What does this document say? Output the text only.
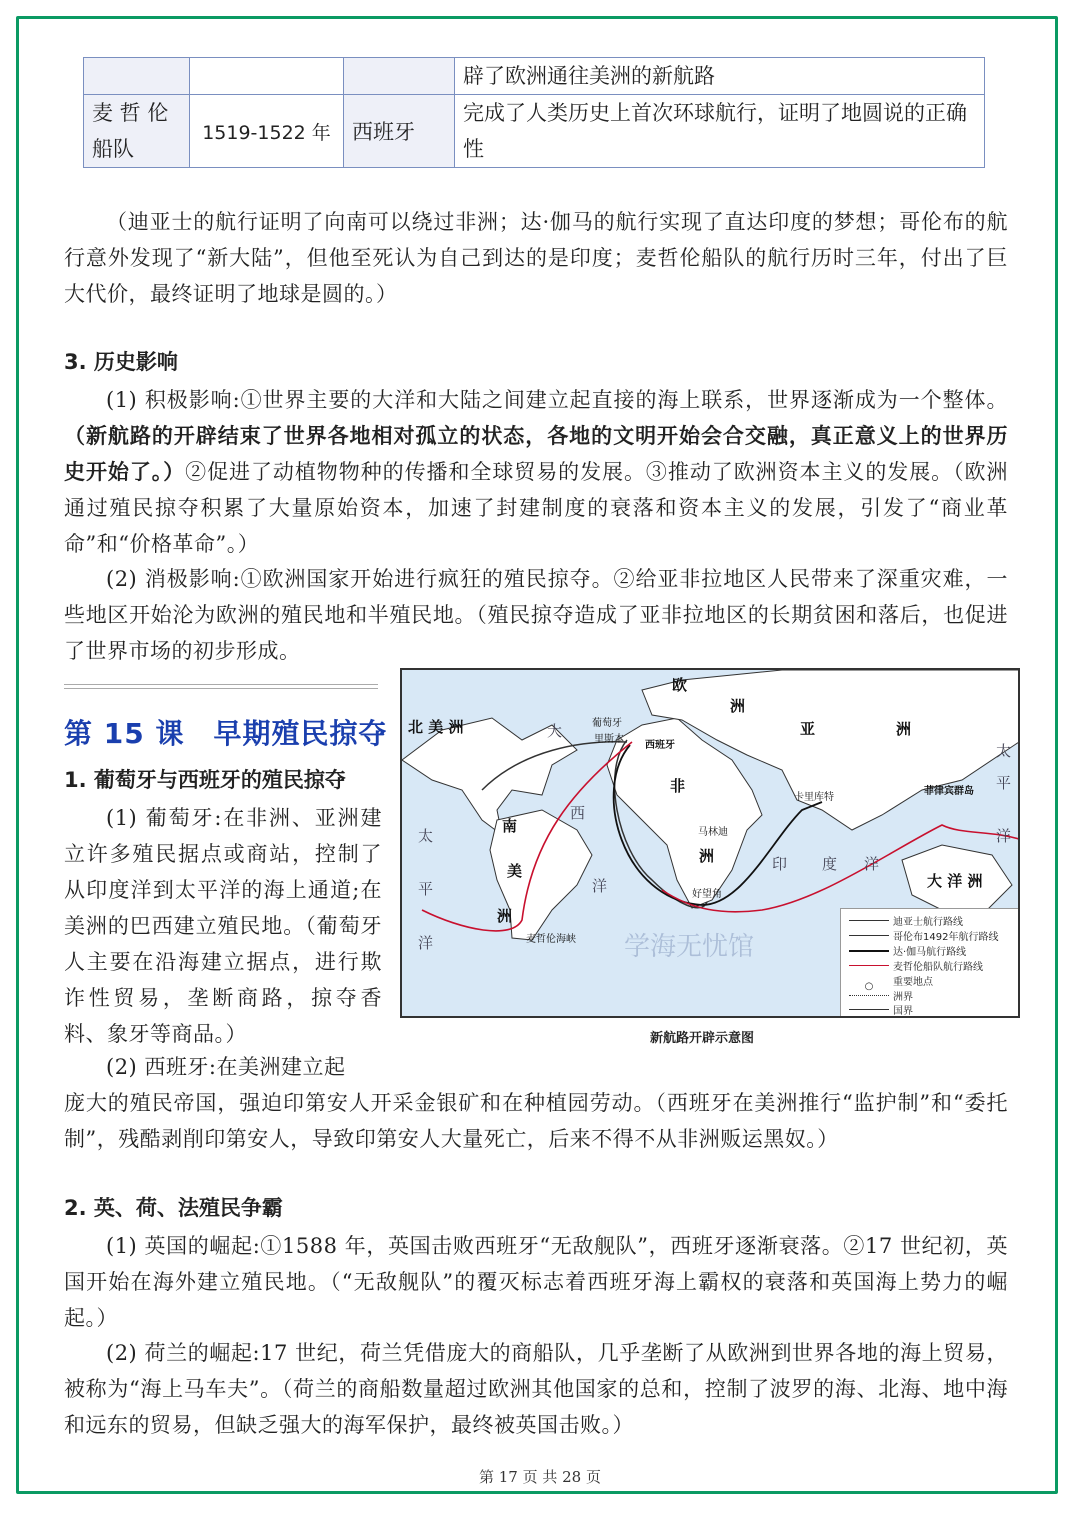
			辟了欧洲通往美洲的新航路
麦 哲 伦船队	1519-1522 年	西班牙	完成了人类历史上首次环球航行，证明了地圆说的正确性

（迪亚士的航行证明了向南可以绕过非洲；达·伽马的航行实现了直达印度的梦想；哥伦布的航行意外发现了“新大陆”，但他至死认为自己到达的是印度；麦哲伦船队的航行历时三年，付出了巨大代价，最终证明了地球是圆的。）

3. 历史影响

(1) 积极影响:①世界主要的大洋和大陆之间建立起直接的海上联系，世界逐渐成为一个整体。（新航路的开辟结束了世界各地相对孤立的状态，各地的文明开始会合交融，真正意义上的世界历史开始了。）②促进了动植物物种的传播和全球贸易的发展。③推动了欧洲资本主义的发展。（欧洲通过殖民掠夺积累了大量原始资本，加速了封建制度的衰落和资本主义的发展，引发了“商业革命”和“价格革命”。）

(2) 消极影响:①欧洲国家开始进行疯狂的殖民掠夺。②给亚非拉地区人民带来了深重灾难，一些地区开始沦为欧洲的殖民地和半殖民地。（殖民掠夺造成了亚非拉地区的长期贫困和落后，也促进了世界市场的初步形成。

第 15 课　早期殖民掠夺

1. 葡萄牙与西班牙的殖民掠夺

(1) 葡萄牙:在非洲、亚洲建立许多殖民据点或商站，控制了从印度洋到太平洋的海上通道;在美洲的巴西建立殖民地。（葡萄牙人主要在沿海建立据点，进行欺诈性贸易，垄断商路，掠夺香料、象牙等商品。）

(2) 西班牙:在美洲建立起

庞大的殖民帝国，强迫印第安人开采金银矿和在种植园劳动。（西班牙在美洲推行“监护制”和“委托制”，残酷剥削印第安人，导致印第安人大量死亡，后来不得不从非洲贩运黑奴。）

欧
洲
亚	洲
北 美 洲
非
洲
南
美
洲
大 洋 洲
大
西
洋
太
平
洋
太
平
洋
印 度 洋
葡萄牙
里斯本
西班牙
卡里库特
马林迪
好望角
菲律宾群岛
麦哲伦海峡 学海无忧馆
迪亚士航行路线
哥伦布1492年航行路线
达·伽马航行路线
麦哲伦船队航行路线
○	重要地点
洲界
国界
新航路开辟示意图

2. 英、荷、法殖民争霸

(1) 英国的崛起:①1588 年，英国击败西班牙“无敌舰队”，西班牙逐渐衰落。②17 世纪初，英国开始在海外建立殖民地。（“无敌舰队”的覆灭标志着西班牙海上霸权的衰落和英国海上势力的崛起。）

(2) 荷兰的崛起:17 世纪，荷兰凭借庞大的商船队，几乎垄断了从欧洲到世界各地的海上贸易，被称为“海上马车夫”。（荷兰的商船数量超过欧洲其他国家的总和，控制了波罗的海、北海、地中海和远东的贸易，但缺乏强大的海军保护，最终被英国击败。）

第 17 页 共 28 页
